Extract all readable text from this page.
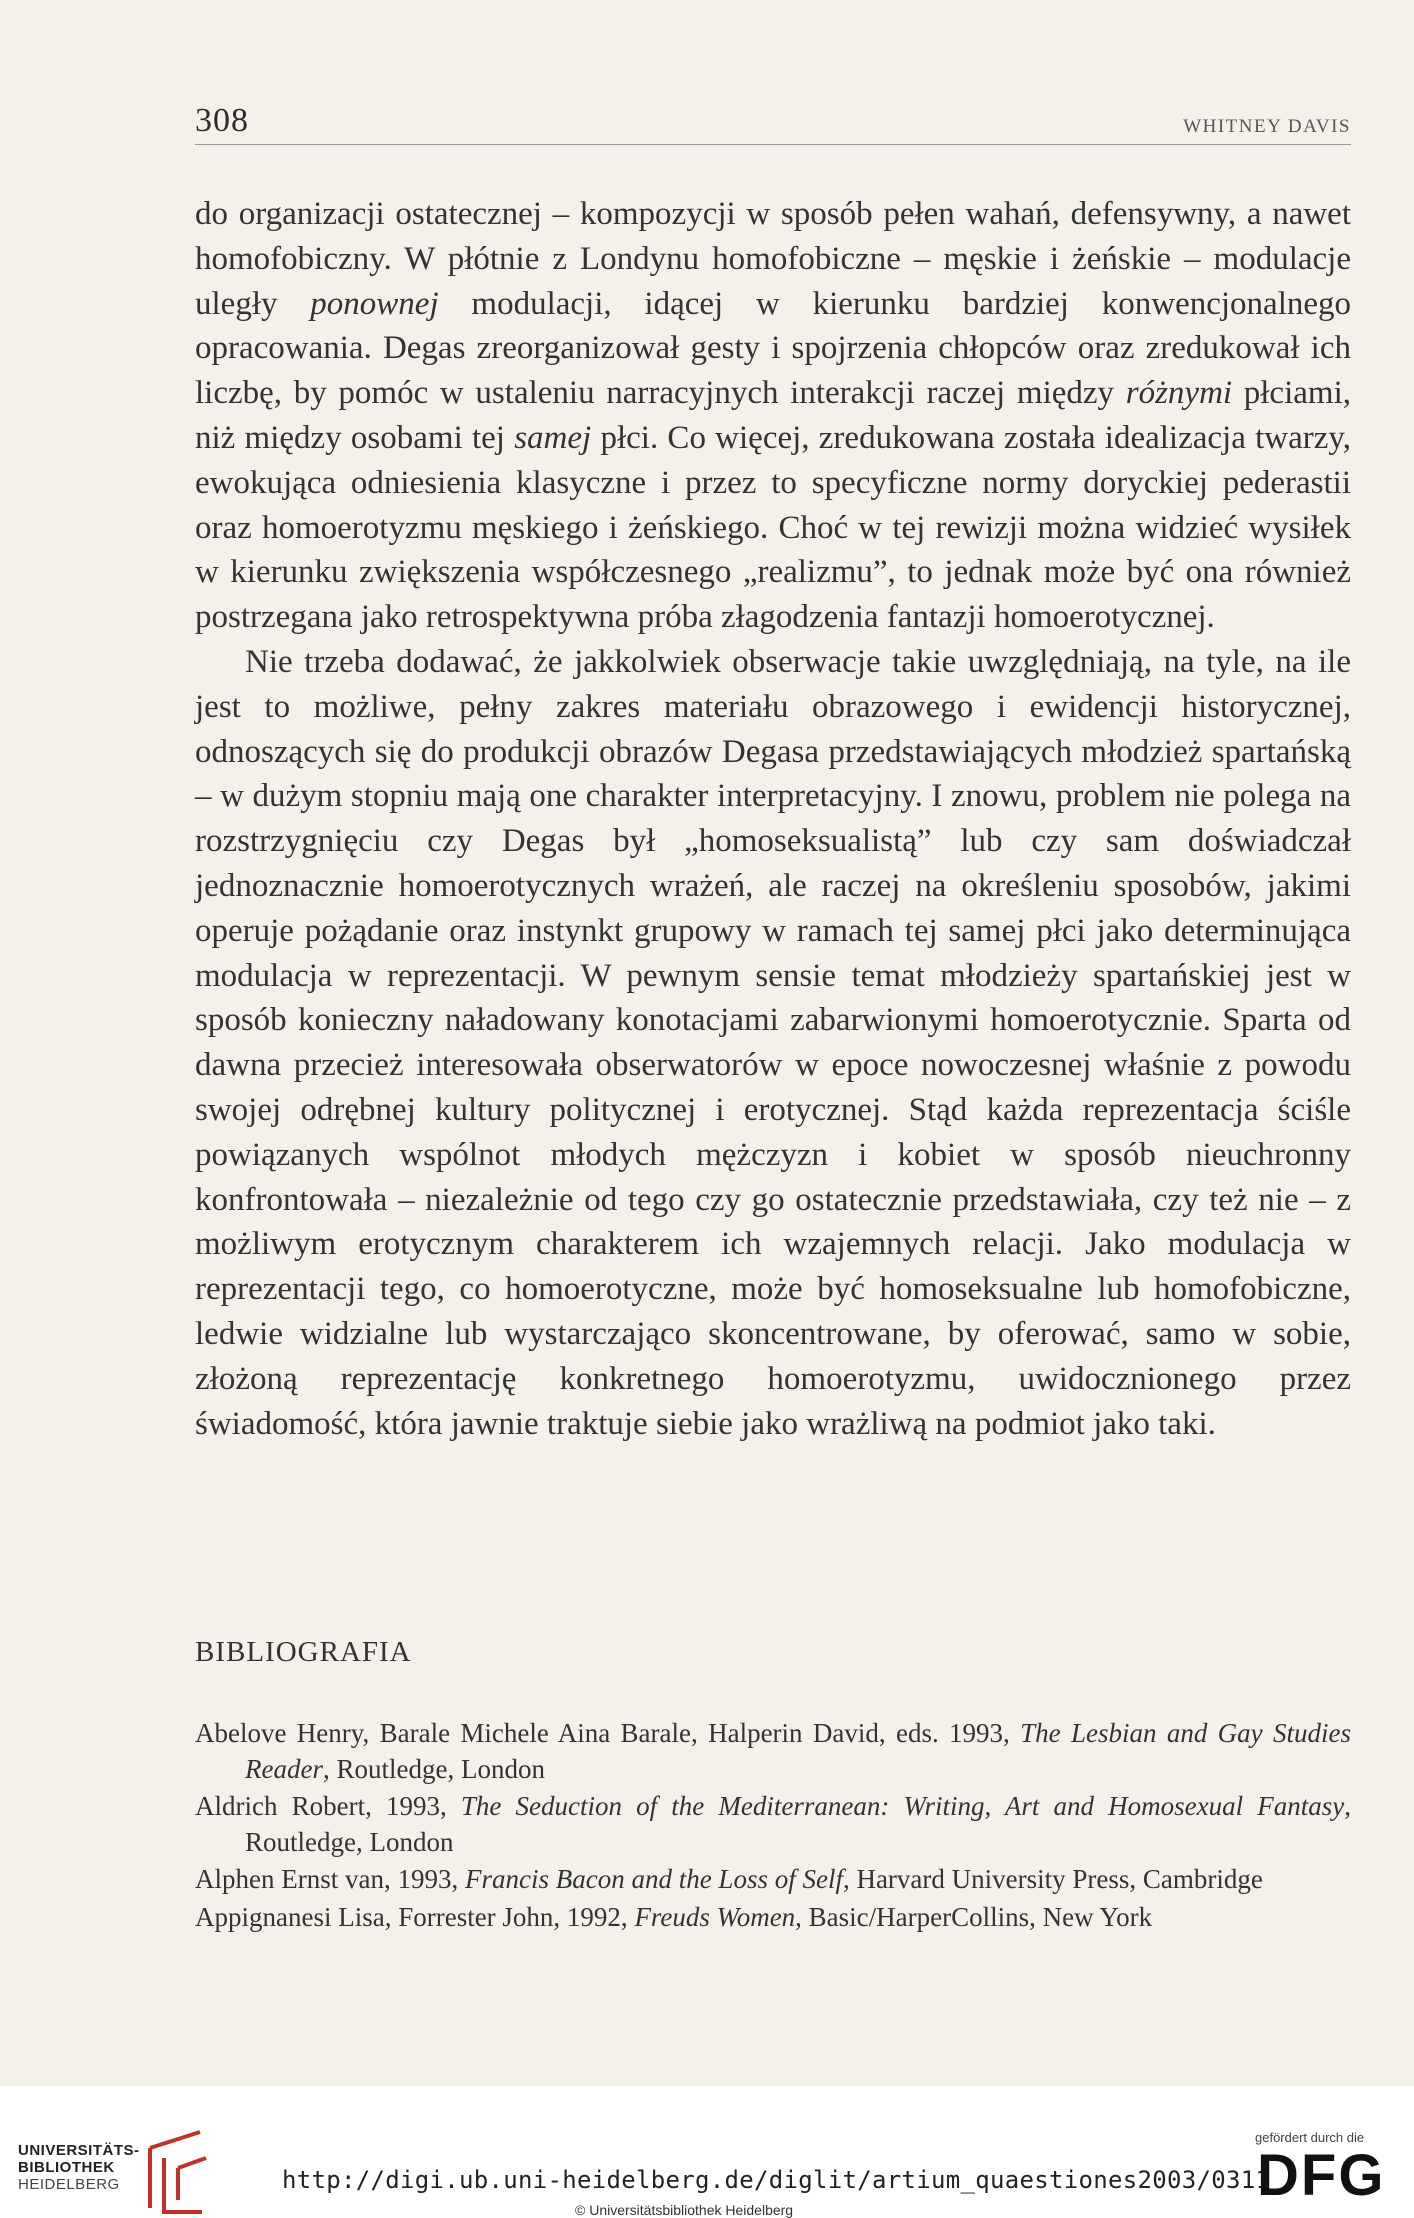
308	WHITNEY DAVIS

do organizacji ostatecznej – kompozycji w sposób pełen wahań, defensywny, a nawet homofobiczny. W płótnie z Londynu homofobiczne – męskie i żeńskie – modulacje uległy ponownej modulacji, idącej w kierunku bardziej konwencjonalnego opracowania. Degas zreorganizował gesty i spojrzenia chłopców oraz zredukował ich liczbę, by pomóc w ustaleniu narracyjnych interakcji raczej między różnymi płciami, niż między osobami tej samej płci. Co więcej, zredukowana została idealizacja twarzy, ewokująca odniesienia klasyczne i przez to specyficzne normy doryckiej pederastii oraz homoerotyzmu męskiego i żeńskiego. Choć w tej rewizji można widzieć wysiłek w kierunku zwiększenia współczesnego „realizmu”, to jednak może być ona również postrzegana jako retrospektywna próba złagodzenia fantazji homoerotycznej.

Nie trzeba dodawać, że jakkolwiek obserwacje takie uwzględniają, na tyle, na ile jest to możliwe, pełny zakres materiału obrazowego i ewidencji historycznej, odnoszących się do produkcji obrazów Degasa przedstawiających młodzież spartańską – w dużym stopniu mają one charakter interpretacyjny. I znowu, problem nie polega na rozstrzygnięciu czy Degas był „homoseksualistą” lub czy sam doświadczał jednoznacznie homoerotycznych wrażeń, ale raczej na określeniu sposobów, jakimi operuje pożądanie oraz instynkt grupowy w ramach tej samej płci jako determinująca modulacja w reprezentacji. W pewnym sensie temat młodzieży spartańskiej jest w sposób konieczny naładowany konotacjami zabarwionymi homoerotycznie. Sparta od dawna przecież interesowała obserwatorów w epoce nowoczesnej właśnie z powodu swojej odrębnej kultury politycznej i erotycznej. Stąd każda reprezentacja ściśle powiązanych wspólnot młodych mężczyzn i kobiet w sposób nieuchronny konfrontowała – niezależnie od tego czy go ostatecznie przedstawiała, czy też nie – z możliwym erotycznym charakterem ich wzajemnych relacji. Jako modulacja w reprezentacji tego, co homoerotyczne, może być homoseksualne lub homofobiczne, ledwie widzialne lub wystarczająco skoncentrowane, by oferować, samo w sobie, złożoną reprezentację konkretnego homoerotyzmu, uwidocznionego przez świadomość, która jawnie traktuje siebie jako wrażliwą na podmiot jako taki.

BIBLIOGRAFIA

Abelove Henry, Barale Michele Aina Barale, Halperin David, eds. 1993, The Lesbian and Gay Studies Reader, Routledge, London

Aldrich Robert, 1993, The Seduction of the Mediterranean: Writing, Art and Homosexual Fantasy, Routledge, London

Alphen Ernst van, 1993, Francis Bacon and the Loss of Self, Harvard University Press, Cambridge

Appignanesi Lisa, Forrester John, 1992, Freuds Women, Basic/HarperCollins, New York

UNIVERSITÄTS-
BIBLIOTHEK
HEIDELBERG	http://digi.ub.uni-heidelberg.de/diglit/artium_quaestiones2003/0311
© Universitätsbibliothek Heidelberg
gefördert durch die
DFG
